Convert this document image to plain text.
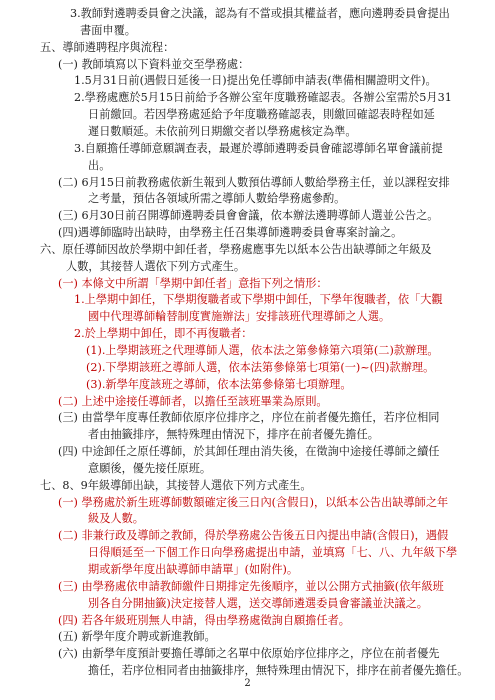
3.教師對遴聘委員會之決議，認為有不當或損其權益者，應向遴聘委員會提出

書面申覆。

五、導師遴聘程序與流程：

(一) 教師填寫以下資料並交至學務處：

1.5月31日前(遇假日延後一日)提出免任導師申請表(準備相關證明文件)。

2.學務處應於5月15日前給予各辦公室年度職務確認表。各辦公室需於5月31

日前繳回。若因學務處延給予年度職務確認表，則繳回確認表時程如延

遲日數順延。未依前列日期繳交者以學務處核定為準。

3.自願擔任導師意願調查表，最遲於導師遴聘委員會確認導師名單會議前提

出。

(二) 6月15日前教務處依新生報到人數預估導師人數給學務主任，並以課程安排

之考量，預估各領域所需之導師人數給學務處參酌。

(三) 6月30日前召開導師遴聘委員會會議，依本辦法遴聘導師人選並公告之。

(四)遇導師臨時出缺時，由學務主任召集導師遴聘委員會專案討論之。

六、原任導師因故於學期中卸任者，學務處應事先以紙本公告出缺導師之年級及

人數，其接替人選依下列方式產生。

(一) 本條文中所謂「學期中卸任者」意指下列之情形：

1.上學期中卸任，下學期復職者或下學期中卸任，下學年復職者，依「大觀

國中代理導師輪替制度實施辦法」安排該班代理導師之人選。

2.於上學期中卸任，即不再復職者：

(1).上學期該班之代理導師人選，依本法之第參條第六項第(二)款辦理。

(2).下學期該班之導師人選，依本法第參條第七項第(一)~(四)款辦理。

(3).新學年度該班之導師，依本法第參條第七項辦理。

(二) 上述中途接任導師者，以擔任至該班畢業為原則。

(三) 由當學年度專任教師依原序位排序之，序位在前者優先擔任，若序位相同

者由抽籤排序，無特殊理由情況下，排序在前者優先擔任。

(四) 中途卸任之原任導師，於其卸任理由消失後，在徵詢中途接任導師之續任

意願後，優先接任原班。

七、8、9年級導師出缺，其接替人選依下列方式產生。

(一) 學務處於新生班導師數額確定後三日內(含假日)，以紙本公告出缺導師之年

級及人數。

(二) 非兼行政及導師之教師，得於學務處公告後五日內提出申請(含假日)，遇假

日得順延至一下個工作日向學務處提出申請，並填寫「七、八、九年級下學

期或新學年度出缺導師申請單」(如附件)。

(三) 由學務處依申請教師繳件日期排定先後順序，並以公開方式抽籤(依年級班

別各自分開抽籤)決定接替人選，送交導師遴選委員會審議並決議之。

(四) 若各年級班別無人申請，得由學務處徵詢自願擔任者。

(五) 新學年度介聘或新進教師。

(六) 由新學年度預計要擔任導師之名單中依原始序位排序之，序位在前者優先

擔任，若序位相同者由抽籤排序，無特殊理由情況下，排序在前者優先擔任。

2
